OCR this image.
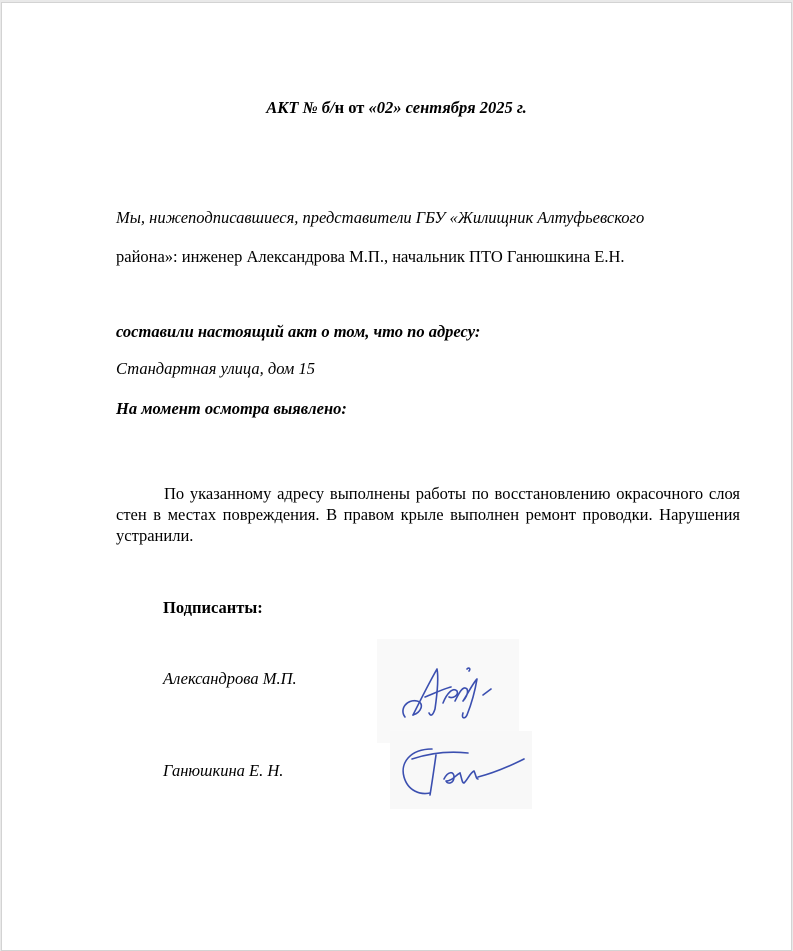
АКТ № б/н от «02» сентября 2025 г.
Мы, нижеподписавшиеся, представители ГБУ «Жилищник Алтуфьевского
района»: инженер Александрова М.П., начальник ПТО Ганюшкина Е.Н.
составили настоящий акт о том, что по адресу:
Стандартная улица, дом 15
На момент осмотра выявлено:
По указанному адресу выполнены работы по восстановлению окрасочного слоя стен в местах повреждения. В правом крыле выполнен ремонт проводки. Нарушения устранили.
Подписанты:
Александрова М.П.
Ганюшкина Е. Н.
